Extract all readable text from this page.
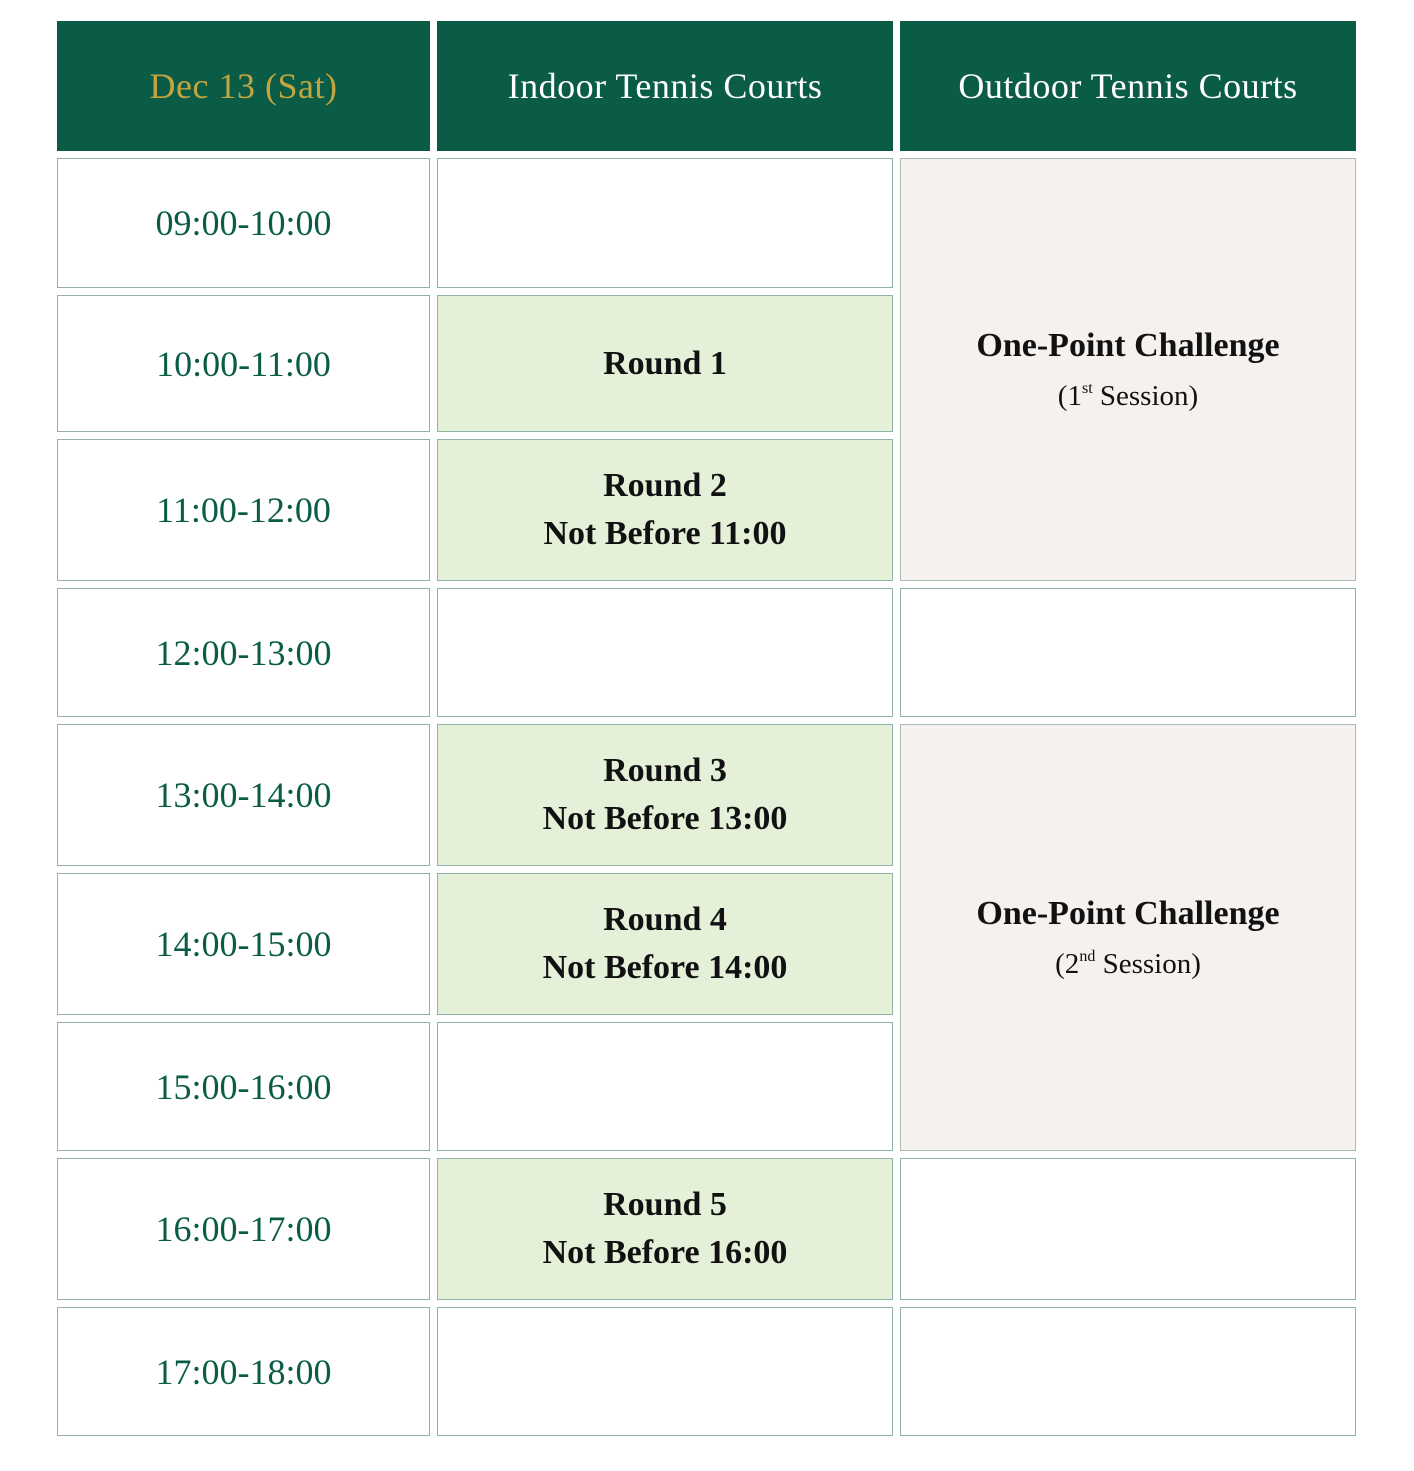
Dec 13 (Sat)	Indoor Tennis Courts	Outdoor Tennis Courts
09:00-10:00
10:00-11:00
11:00-12:00
12:00-13:00
13:00-14:00
14:00-15:00
15:00-16:00
16:00-17:00
17:00-18:00
Round 1
Round 2
Not Before 11:00
Round 3
Not Before 13:00
Round 4
Not Before 14:00
Round 5
Not Before 16:00
One-Point Challenge
(1st Session)
One-Point Challenge
(2nd Session)
